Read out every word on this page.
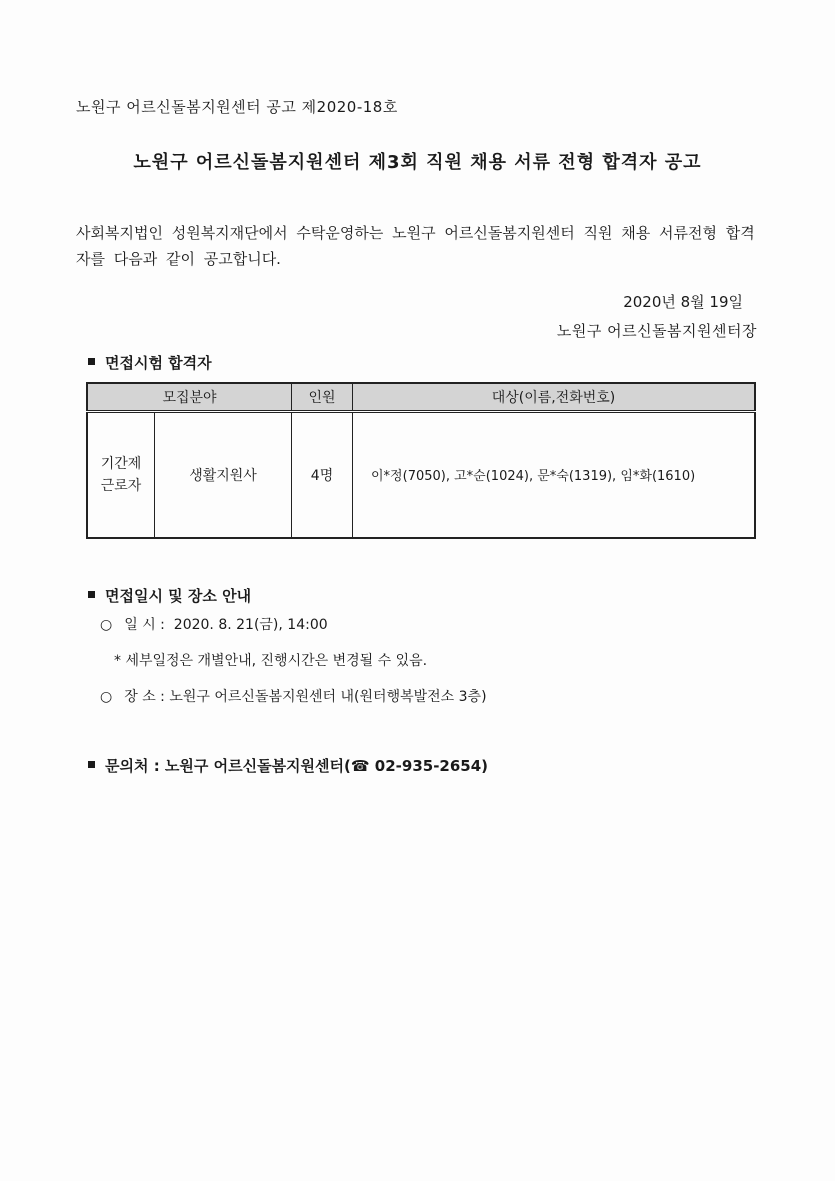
노원구 어르신돌봄지원센터 공고 제2020-18호
노원구 어르신돌봄지원센터 제3회 직원 채용 서류 전형 합격자 공고
사회복지법인 성원복지재단에서 수탁운영하는 노원구 어르신돌봄지원센터 직원 채용 서류전형 합격자를 다음과 같이 공고합니다.
2020년 8월 19일
노원구 어르신돌봄지원센터장
면접시험 합격자
모집분야		인원	대상(이름,전화번호)
기간제 근로자	생활지원사	4명	이*정(7050), 고*순(1024), 문*숙(1319), 임*화(1610)
면접일시 및 장소 안내
○ 일 시 : 2020. 8. 21(금), 14:00
* 세부일정은 개별안내, 진행시간은 변경될 수 있음.
○ 장 소 : 노원구 어르신돌봄지원센터 내(원터행복발전소 3층)
문의처 : 노원구 어르신돌봄지원센터(☎ 02-935-2654)
